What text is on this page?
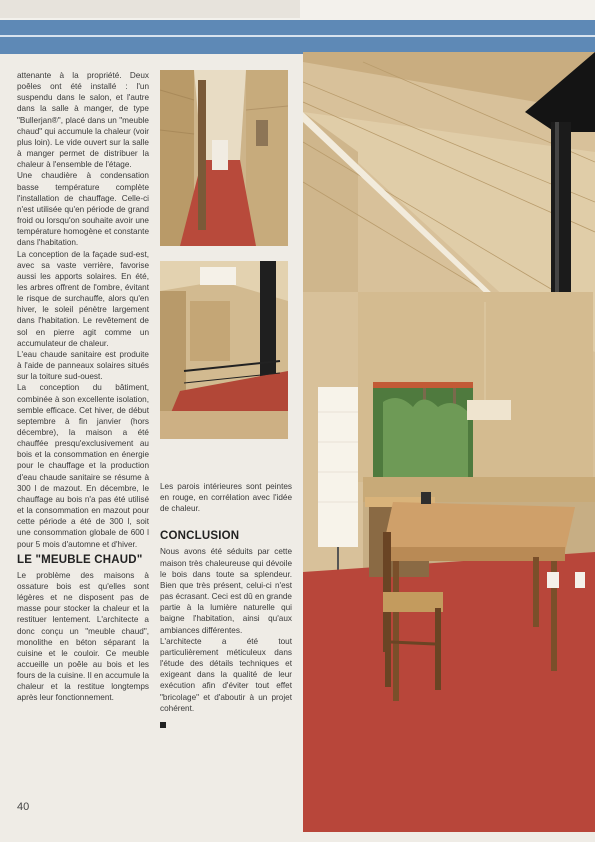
attenante à la propriété. Deux poêles ont été installé : l'un suspendu dans le salon, et l'autre dans la salle à manger, de type "Bullerjan®", placé dans un "meuble chaud" qui accumule la chaleur (voir plus loin). Le vide ouvert sur la salle à manger permet de distribuer la chaleur à l'ensemble de l'étage.

Une chaudière à condensation basse température complète l'installation de chauffage. Celle-ci n'est utilisée qu'en période de grand froid ou lorsqu'on souhaite avoir une température homogène et constante dans l'habitation.

La conception de la façade sud-est, avec sa vaste verrière, favorise aussi les apports solaires. En été, les arbres offrent de l'ombre, évitant le risque de surchauffe, alors qu'en hiver, le soleil pénètre largement dans l'habitation. Le revêtement de sol en pierre agit comme un accumulateur de chaleur.

L'eau chaude sanitaire est produite à l'aide de panneaux solaires situés sur la toiture sud-ouest.

La conception du bâtiment, combinée à son excellente isolation, semble efficace. Cet hiver, de début septembre à fin janvier (hors décembre), la maison a été chauffée presqu'exclusivement au bois et la consommation en énergie pour le chauffage et la production d'eau chaude sanitaire se résume à 300 l de mazout. En décembre, le chauffage au bois n'a pas été utilisé et la consommation en mazout pour cette période a été de 300 l, soit une consommation globale de 600 l pour 5 mois d'automne et d'hiver.

LE "MEUBLE CHAUD"

Le problème des maisons à ossature bois est qu'elles sont légères et ne disposent pas de masse pour stocker la chaleur et la restituer lentement. L'architecte a donc conçu un "meuble chaud", monolithe en béton séparant la cuisine et le couloir. Ce meuble accueille un poêle au bois et les fours de la cuisine. Il en accumule la chaleur et la restitue longtemps après leur fonctionnement.

Les parois intérieures sont peintes en rouge, en corrélation avec l'idée de chaleur.

CONCLUSION

Nous avons été séduits par cette maison très chaleureuse qui dévoile le bois dans toute sa splendeur. Bien que très présent, celui-ci n'est pas écrasant. Ceci est dû en grande partie à la lumière naturelle qui baigne l'habitation, ainsi qu'aux ambiances différentes.

L'architecte a été tout particulièrement méticuleux dans l'étude des détails techniques et exigeant dans la qualité de leur exécution afin d'éviter tout effet "bricolage" et d'aboutir à un projet cohérent.

40
